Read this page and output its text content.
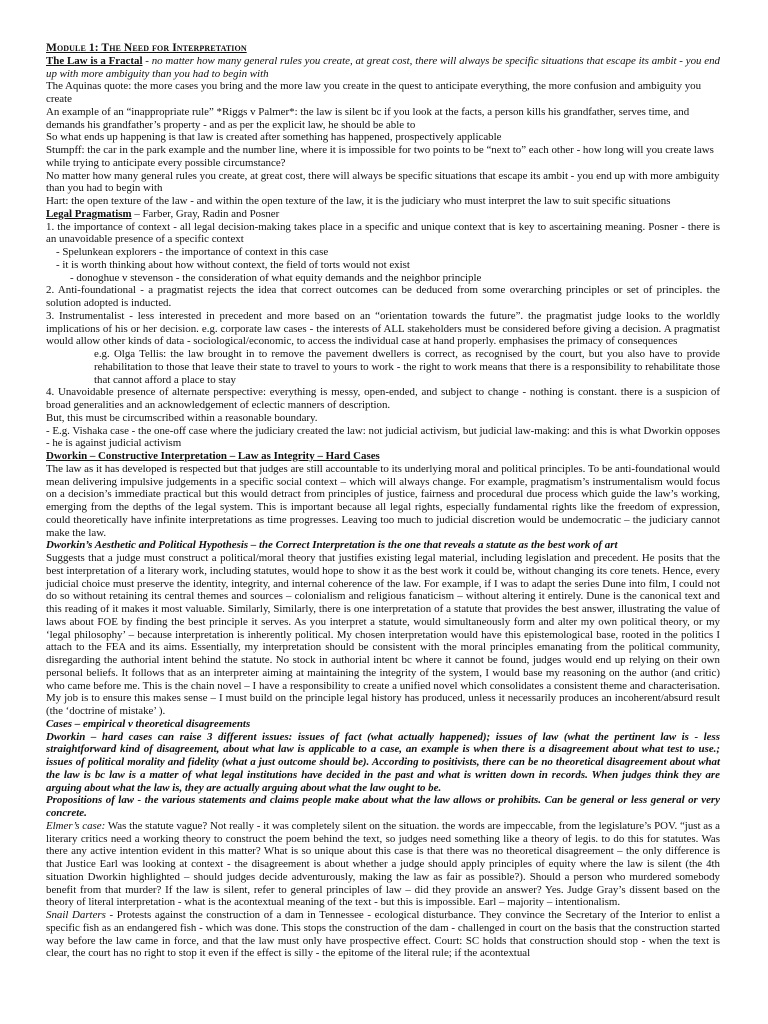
Module 1: The Need for Interpretation

The Law is a Fractal - no matter how many general rules you create, at great cost, there will always be specific situations that escape its ambit - you end up with more ambiguity than you had to begin with

The Aquinas quote: the more cases you bring and the more law you create in the quest to anticipate everything, the more confusion and ambiguity you create

An example of an “inappropriate rule” *Riggs v Palmer*: the law is silent bc if you look at the facts, a person kills his grandfather, serves time, and demands his grandfather’s property - and as per the explicit law, he should be able to

So what ends up happening is that law is created after something has happened, prospectively applicable

Stumpff: the car in the park example and the number line, where it is impossible for two points to be “next to” each other - how long will you create laws while trying to anticipate every possible circumstance?

No matter how many general rules you create, at great cost, there will always be specific situations that escape its ambit - you end up with more ambiguity than you had to begin with

Hart: the open texture of the law - and within the open texture of the law, it is the judiciary who must interpret the law to suit specific situations

Legal Pragmatism – Farber, Gray, Radin and Posner

1. the importance of context - all legal decision-making takes place in a specific and unique context that is key to ascertaining meaning. Posner - there is an unavoidable presence of a specific context

- Spelunkean explorers - the importance of context in this case

- it is worth thinking about how without context, the field of torts would not exist

- donoghue v stevenson - the consideration of what equity demands and the neighbor principle

2. Anti-foundational - a pragmatist rejects the idea that correct outcomes can be deduced from some overarching principles or set of principles. the solution adopted is inducted.

3. Instrumentalist - less interested in precedent and more based on an “orientation towards the future”. the pragmatist judge looks to the worldly implications of his or her decision. e.g. corporate law cases - the interests of ALL stakeholders must be considered before giving a decision. A pragmatist would allow other kinds of data - sociological/economic, to access the individual case at hand properly. emphasises the primacy of consequences

e.g. Olga Tellis: the law brought in to remove the pavement dwellers is correct, as recognised by the court, but you also have to provide rehabilitation to those that leave their state to travel to yours to work - the right to work means that there is a responsibility to rehabilitate those that cannot afford a place to stay

4. Unavoidable presence of alternate perspective: everything is messy, open-ended, and subject to change - nothing is constant. there is a suspicion of broad generalities and an acknowledgement of eclectic manners of description.

But, this must be circumscribed within a reasonable boundary.

- E.g. Vishaka case - the one-off case where the judiciary created the law: not judicial activism, but judicial law-making: and this is what Dworkin opposes - he is against judicial activism

Dworkin – Constructive Interpretation – Law as Integrity – Hard Cases

The law as it has developed is respected but that judges are still accountable to its underlying moral and political principles. To be anti-foundational would mean delivering impulsive judgements in a specific social context – which will always change. For example, pragmatism’s instrumentalism would focus on a decision’s immediate practical but this would detract from principles of justice, fairness and procedural due process which guide the law’s working, emerging from the depths of the legal system. This is important because all legal rights, especially fundamental rights like the freedom of expression, could theoretically have infinite interpretations as time progresses. Leaving too much to judicial discretion would be undemocratic – the judiciary cannot make the law.

Dworkin’s Aesthetic and Political Hypothesis – the Correct Interpretation is the one that reveals a statute as the best work of art

Suggests that a judge must construct a political/moral theory that justifies existing legal material, including legislation and precedent. He posits that the best interpretation of a literary work, including statutes, would hope to show it as the best work it could be, without changing its core tenets. Hence, every judicial choice must preserve the identity, integrity, and internal coherence of the law. For example, if I was to adapt the series Dune into film, I could not do so without retaining its central themes and sources – colonialism and religious fanaticism – without altering it entirely. Dune is the canonical text and this reading of it makes it most valuable. Similarly, Similarly, there is one interpretation of a statute that provides the best answer, illustrating the value of laws about FOE by finding the best principle it serves. As you interpret a statute, would simultaneously form and alter my own political theory, or my ‘legal philosophy’ – because interpretation is inherently political. My chosen interpretation would have this epistemological base, rooted in the politics I attach to the FEA and its aims. Essentially, my interpretation should be consistent with the moral principles emanating from the political community, disregarding the authorial intent behind the statute. No stock in authorial intent bc where it cannot be found, judges would end up relying on their own personal beliefs. It follows that as an interpreter aiming at maintaining the integrity of the system, I would base my reasoning on the author (and critic) who came before me. This is the chain novel – I have a responsibility to create a unified novel which consolidates a consistent theme and characterisation. My job is to ensure this makes sense – I must build on the principle legal history has produced, unless it necessarily produces an incoherent/absurd result (the ‘doctrine of mistake’ ).

Cases – empirical v theoretical disagreements

Dworkin – hard cases can raise 3 different issues: issues of fact (what actually happened); issues of law (what the pertinent law is - less straightforward kind of disagreement, about what law is applicable to a case, an example is when there is a disagreement about what test to use.; issues of political morality and fidelity (what a just outcome should be). According to positivists, there can be no theoretical disagreement about what the law is bc law is a matter of what legal institutions have decided in the past and what is written down in records. When judges think they are arguing about what the law is, they are actually arguing about what the law ought to be.

Propositions of law - the various statements and claims people make about what the law allows or prohibits. Can be general or less general or very concrete.

Elmer’s case: Was the statute vague? Not really - it was completely silent on the situation. the words are impeccable, from the legislature’s POV. “just as a literary critics need a working theory to construct the poem behind the text, so judges need something like a theory of legis. to do this for statutes. Was there any active intention evident in this matter? What is so unique about this case is that there was no theoretical disagreement – the only difference is that Justice Earl was looking at context - the disagreement is about whether a judge should apply principles of equity where the law is silent (the 4th situation Dworkin highlighted – should judges decide adventurously, making the law as fair as possible?). Should a person who murdered somebody benefit from that murder? If the law is silent, refer to general principles of law – did they provide an answer? Yes. Judge Gray’s dissent based on the theory of literal interpretation - what is the acontextual meaning of the text - but this is impossible. Earl – majority – intentionalism.

Snail Darters - Protests against the construction of a dam in Tennessee - ecological disturbance. They convince the Secretary of the Interior to enlist a specific fish as an endangered fish - which was done. This stops the construction of the dam - challenged in court on the basis that the construction started way before the law came in force, and that the law must only have prospective effect. Court: SC holds that construction should stop - when the text is clear, the court has no right to stop it even if the effect is silly - the epitome of the literal rule; if the acontextual
